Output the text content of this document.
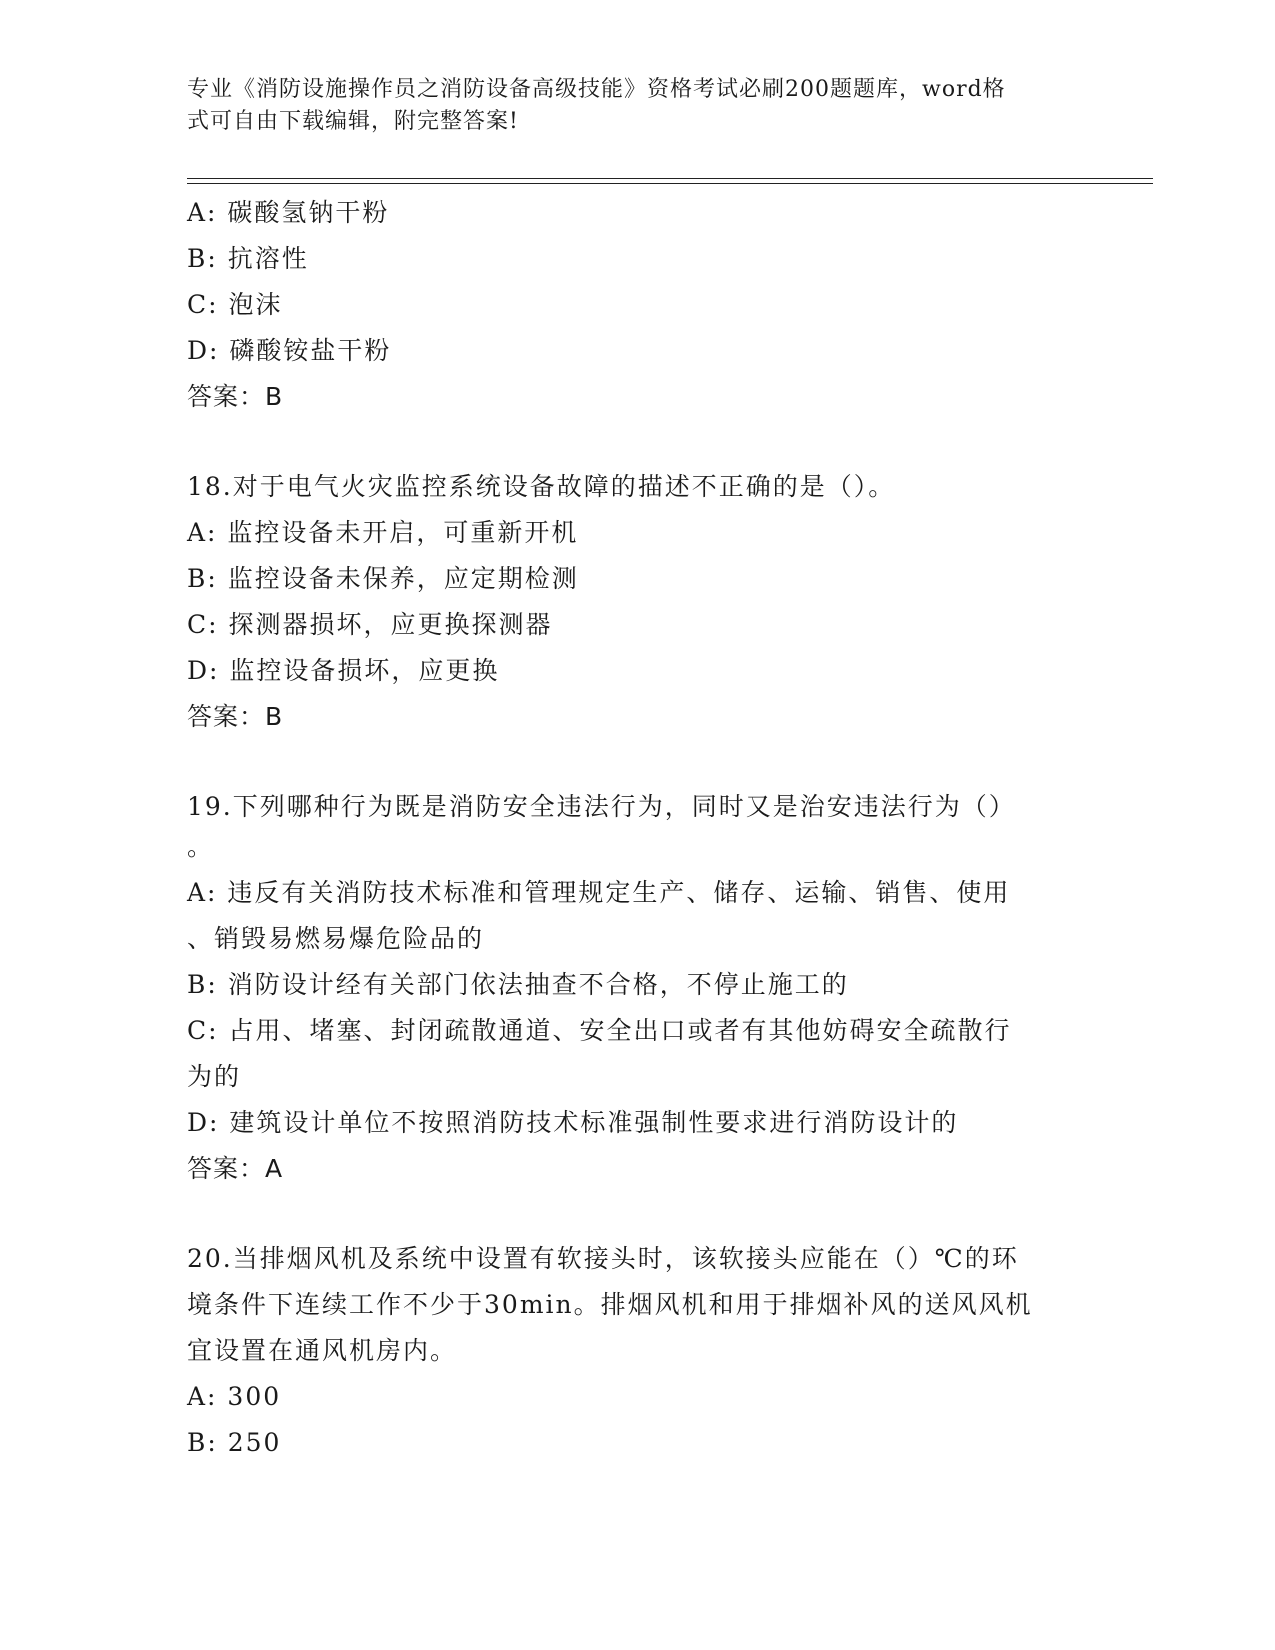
专业《消防设施操作员之消防设备高级技能》资格考试必刷200题题库，word格
式可自由下载编辑，附完整答案!
A: 碳酸氢钠干粉
B: 抗溶性
C: 泡沫
D: 磷酸铵盐干粉
答案：B
18.对于电气火灾监控系统设备故障的描述不正确的是（）。
A: 监控设备未开启，可重新开机
B: 监控设备未保养，应定期检测
C: 探测器损坏，应更换探测器
D: 监控设备损坏，应更换
答案：B
19.下列哪种行为既是消防安全违法行为，同时又是治安违法行为（）
。
A: 违反有关消防技术标准和管理规定生产、储存、运输、销售、使用
、销毁易燃易爆危险品的
B: 消防设计经有关部门依法抽查不合格，不停止施工的
C: 占用、堵塞、封闭疏散通道、安全出口或者有其他妨碍安全疏散行
为的
D: 建筑设计单位不按照消防技术标准强制性要求进行消防设计的
答案：A
20.当排烟风机及系统中设置有软接头时，该软接头应能在（）℃的环
境条件下连续工作不少于30min。排烟风机和用于排烟补风的送风风机
宜设置在通风机房内。
A: 300
B: 250
